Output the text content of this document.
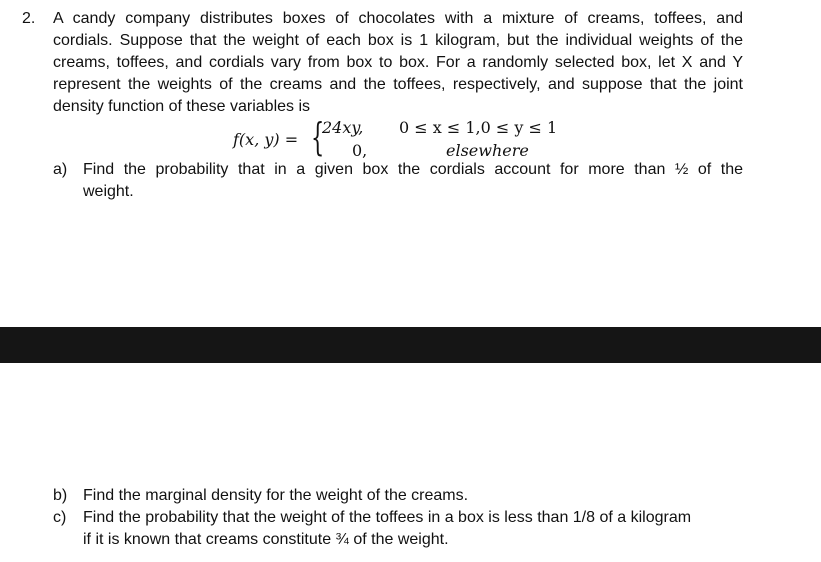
2. A candy company distributes boxes of chocolates with a mixture of creams, toffees, and
cordials. Suppose that the weight of each box is 1 kilogram, but the individual weights of the
creams, toffees, and cordials vary from box to box. For a randomly selected box, let X and Y
represent the weights of the creams and the toffees, respectively, and suppose that the joint
density function of these variables is
f(x, y) = {
24xy, 0 ≤ x ≤ 1,0 ≤ y ≤ 1
0,	elsewhere
a) Find the probability that in a given box the cordials account for more than ½ of the
weight.
b) Find the marginal density for the weight of the creams.
c) Find the probability that the weight of the toffees in a box is less than 1/8 of a kilogram
if it is known that creams constitute ¾ of the weight.
